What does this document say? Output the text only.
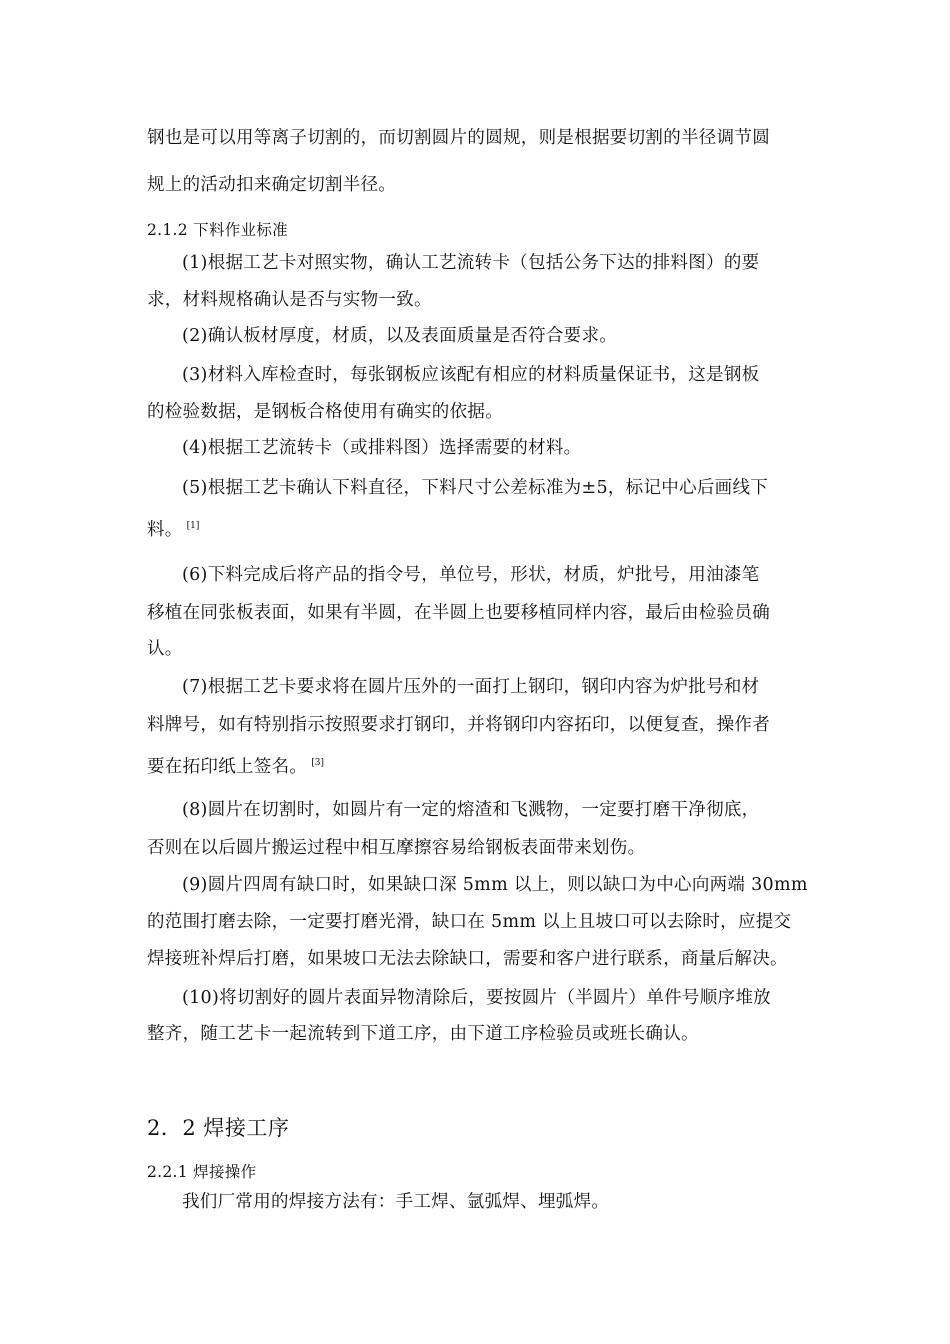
钢也是可以用等离子切割的，而切割圆片的圆规，则是根据要切割的半径调节圆
规上的活动扣来确定切割半径。
2.1.2 下料作业标准
(1)根据工艺卡对照实物，确认工艺流转卡（包括公务下达的排料图）的要
求，材料规格确认是否与实物一致。
(2)确认板材厚度，材质，以及表面质量是否符合要求。
(3)材料入库检查时，每张钢板应该配有相应的材料质量保证书，这是钢板
的检验数据，是钢板合格使用有确实的依据。
(4)根据工艺流转卡（或排料图）选择需要的材料。
(5)根据工艺卡确认下料直径，下料尺寸公差标准为±5，标记中心后画线下
料。 [1]
(6)下料完成后将产品的指令号，单位号，形状，材质，炉批号，用油漆笔
移植在同张板表面，如果有半圆，在半圆上也要移植同样内容，最后由检验员确
认。
(7)根据工艺卡要求将在圆片压外的一面打上钢印，钢印内容为炉批号和材
料牌号，如有特别指示按照要求打钢印，并将钢印内容拓印，以便复查，操作者
要在拓印纸上签名。 [3]
(8)圆片在切割时，如圆片有一定的熔渣和飞溅物，一定要打磨干净彻底，
否则在以后圆片搬运过程中相互摩擦容易给钢板表面带来划伤。
(9)圆片四周有缺口时，如果缺口深 5mm 以上，则以缺口为中心向两端 30mm
的范围打磨去除，一定要打磨光滑，缺口在 5mm 以上且坡口可以去除时，应提交
焊接班补焊后打磨，如果坡口无法去除缺口，需要和客户进行联系，商量后解决。
(10)将切割好的圆片表面异物清除后，要按圆片（半圆片）单件号顺序堆放
整齐，随工艺卡一起流转到下道工序，由下道工序检验员或班长确认。
2．2 焊接工序
2.2.1 焊接操作
我们厂常用的焊接方法有：手工焊、氩弧焊、埋弧焊。
